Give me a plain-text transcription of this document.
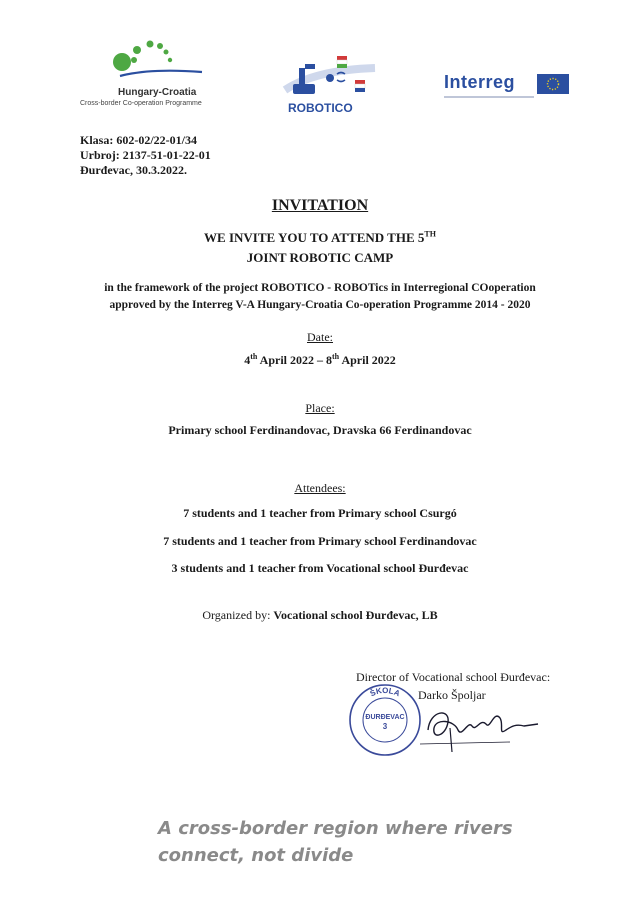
Hungary-Croatia
Cross-border Co-operation Programme	ROBOTICO
Interreg
Klasa: 602-02/22-01/34
Urbroj: 2137-51-01-22-01
Đurđevac, 30.3.2022.
INVITATION
WE INVITE YOU TO ATTEND THE 5TH
JOINT ROBOTIC CAMP
in the framework of the project ROBOTICO - ROBOTics in Interregional COoperation
approved by the Interreg V-A Hungary-Croatia Co-operation Programme 2014 - 2020
Date:
4th April 2022 – 8th April 2022
Place:
Primary school Ferdinandovac, Dravska 66 Ferdinandovac
Attendees:
7 students and 1 teacher from Primary school Csurgó
7 students and 1 teacher from Primary school Ferdinandovac
3 students and 1 teacher from Vocational school Đurđevac
Organized by: Vocational school Đurđevac, LB
Director of Vocational school Đurđevac:
Darko Špoljar
ŠKOLA
ĐURĐEVAC
3
A cross-border region where rivers
connect, not divide
